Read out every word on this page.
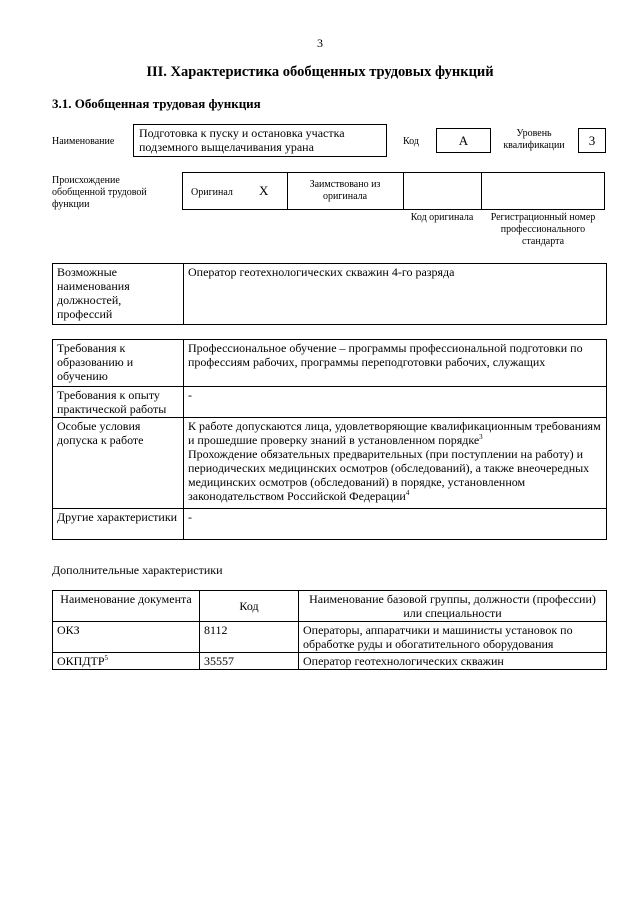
3
III. Характеристика обобщенных трудовых функций
3.1. Обобщенная трудовая функция
Наименование
Подготовка к пуску и остановка участка подземного выщелачивания урана	Код	А	Уровень квалификации	3
Происхождение обобщенной трудовой функции
Оригинал X	Заимствовано из оригинала
Код оригинала	Регистрационный номер профессионального стандарта
Возможные наименования должностей, профессий	Оператор геотехнологических скважин 4-го разряда
Требования к образованию и обучению	Профессиональное обучение – программы профессиональной подготовки по профессиям рабочих, программы переподготовки рабочих, служащих
Требования к опыту практической работы	-
Особые условия допуска к работе	К работе допускаются лица, удовлетворяющие квалификационным требованиям и прошедшие проверку знаний в установленном порядке$^3$
Прохождение обязательных предварительных (при поступлении на работу) и периодических медицинских осмотров (обследований), а также внеочередных медицинских осмотров (обследований) в порядке, установленном законодательством Российской Федерации$^4$
Другие характеристики	-
Дополнительные характеристики
Наименование документа	Код	Наименование базовой группы, должности (профессии) или специальности
ОКЗ	8112	Операторы, аппаратчики и машинисты установок по обработке руды и обогатительного оборудования
ОКПДТР$^5$	35557	Оператор геотехнологических скважин
